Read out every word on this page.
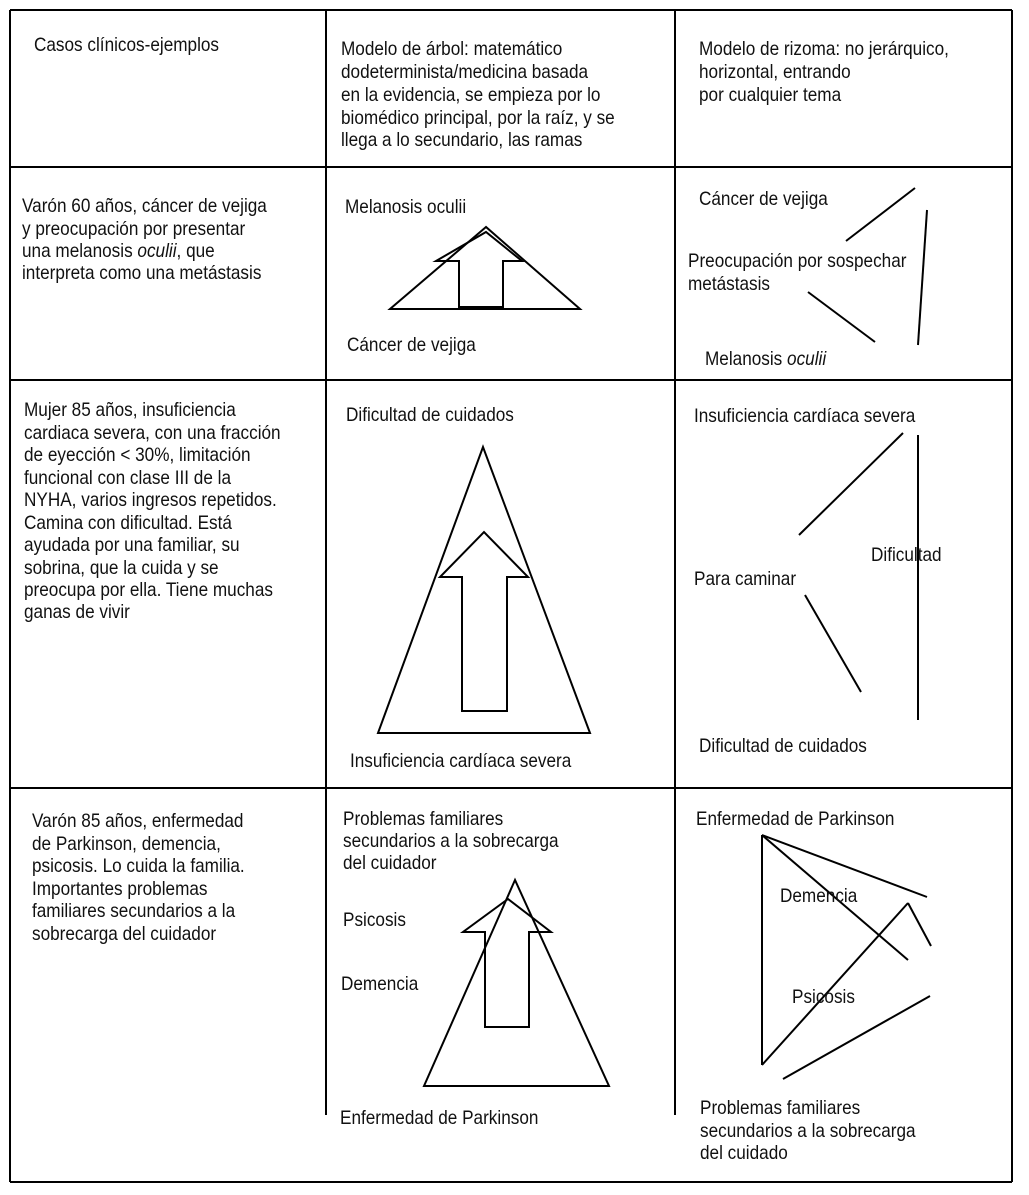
Casos clínicos-ejemplos	Modelo de árbol: matemático
dodeterminista/medicina basada
en la evidencia, se empieza por lo
biomédico principal, por la raíz, y se
llega a lo secundario, las ramas
Modelo de rizoma: no jerárquico,
horizontal, entrando
por cualquier tema
Varón 60 años, cáncer de vejiga
y preocupación por presentar
una melanosis oculii, que
interpreta como una metástasis
Melanosis oculii
Cáncer de vejiga
Cáncer de vejiga
Preocupación por sospechar
metástasis
Melanosis oculii
Mujer 85 años, insuficiencia
cardiaca severa, con una fracción
de eyección < 30%, limitación
funcional con clase III de la
NYHA, varios ingresos repetidos.
Camina con dificultad. Está
ayudada por una familiar, su
sobrina, que la cuida y se
preocupa por ella. Tiene muchas
ganas de vivir
Dificultad de cuidados
Insuficiencia cardíaca severa
Insuficiencia cardíaca severa
Dificultad
Para caminar
Dificultad de cuidados
Varón 85 años, enfermedad
de Parkinson, demencia,
psicosis. Lo cuida la familia.
Importantes problemas
familiares secundarios a la
sobrecarga del cuidador
Problemas familiares
secundarios a la sobrecarga
del cuidador
Psicosis
Demencia
Enfermedad de Parkinson
Enfermedad de Parkinson
Demencia
Psicosis
Problemas familiares
secundarios a la sobrecarga
del cuidado
